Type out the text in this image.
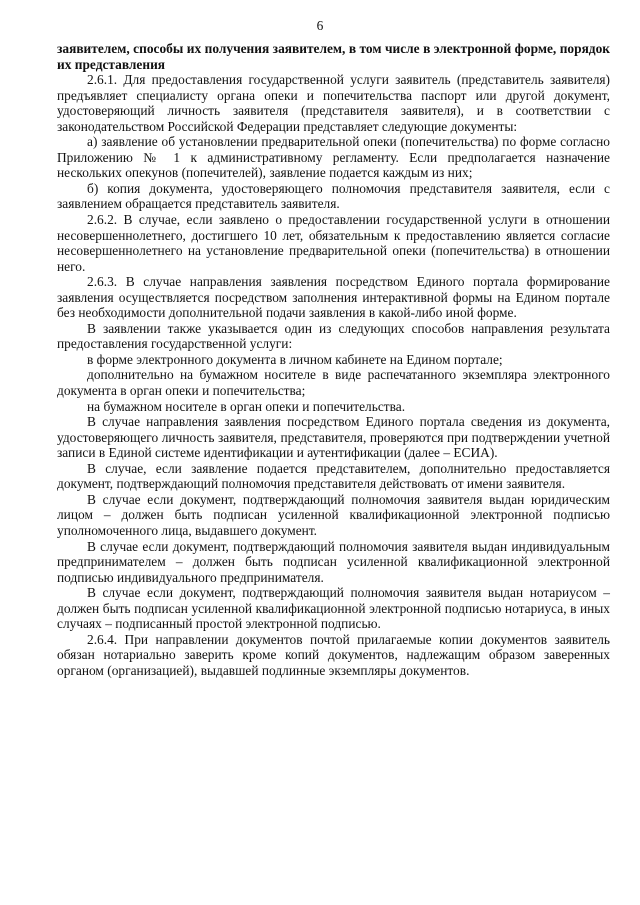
6

заявителем, способы их получения заявителем, в том числе в электронной форме, порядок их представления

2.6.1. Для предоставления государственной услуги заявитель (представитель заявителя) предъявляет специалисту органа опеки и попечительства паспорт или другой документ, удостоверяющий личность заявителя (представителя заявителя), и в соответствии с законодательством Российской Федерации представляет следующие документы:

а) заявление об установлении предварительной опеки (попечительства) по форме согласно Приложению № 1 к административному регламенту. Если предполагается назначение нескольких опекунов (попечителей), заявление подается каждым из них;

б) копия документа, удостоверяющего полномочия представителя заявителя, если с заявлением обращается представитель заявителя.

2.6.2. В случае, если заявлено о предоставлении государственной услуги в отношении несовершеннолетнего, достигшего 10 лет, обязательным к предоставлению является согласие несовершеннолетнего на установление предварительной опеки (попечительства) в отношении него.

2.6.3. В случае направления заявления посредством Единого портала формирование заявления осуществляется посредством заполнения интерактивной формы на Едином портале без необходимости дополнительной подачи заявления в какой-либо иной форме.

В заявлении также указывается один из следующих способов направления результата предоставления государственной услуги:

в форме электронного документа в личном кабинете на Едином портале;

дополнительно на бумажном носителе в виде распечатанного экземпляра электронного документа в орган опеки и попечительства;

на бумажном носителе в орган опеки и попечительства.

В случае направления заявления посредством Единого портала сведения из документа, удостоверяющего личность заявителя, представителя, проверяются при подтверждении учетной записи в Единой системе идентификации и аутентификации (далее – ЕСИА).

В случае, если заявление подается представителем, дополнительно предоставляется документ, подтверждающий полномочия представителя действовать от имени заявителя.

В случае если документ, подтверждающий полномочия заявителя выдан юридическим лицом – должен быть подписан усиленной квалификационной электронной подписью уполномоченного лица, выдавшего документ.

В случае если документ, подтверждающий полномочия заявителя выдан индивидуальным предпринимателем – должен быть подписан усиленной квалификационной электронной подписью индивидуального предпринимателя.

В случае если документ, подтверждающий полномочия заявителя выдан нотариусом – должен быть подписан усиленной квалификационной электронной подписью нотариуса, в иных случаях – подписанный простой электронной подписью.

2.6.4. При направлении документов почтой прилагаемые копии документов заявитель обязан нотариально заверить кроме копий документов, надлежащим образом заверенных органом (организацией), выдавшей подлинные экземпляры документов.
